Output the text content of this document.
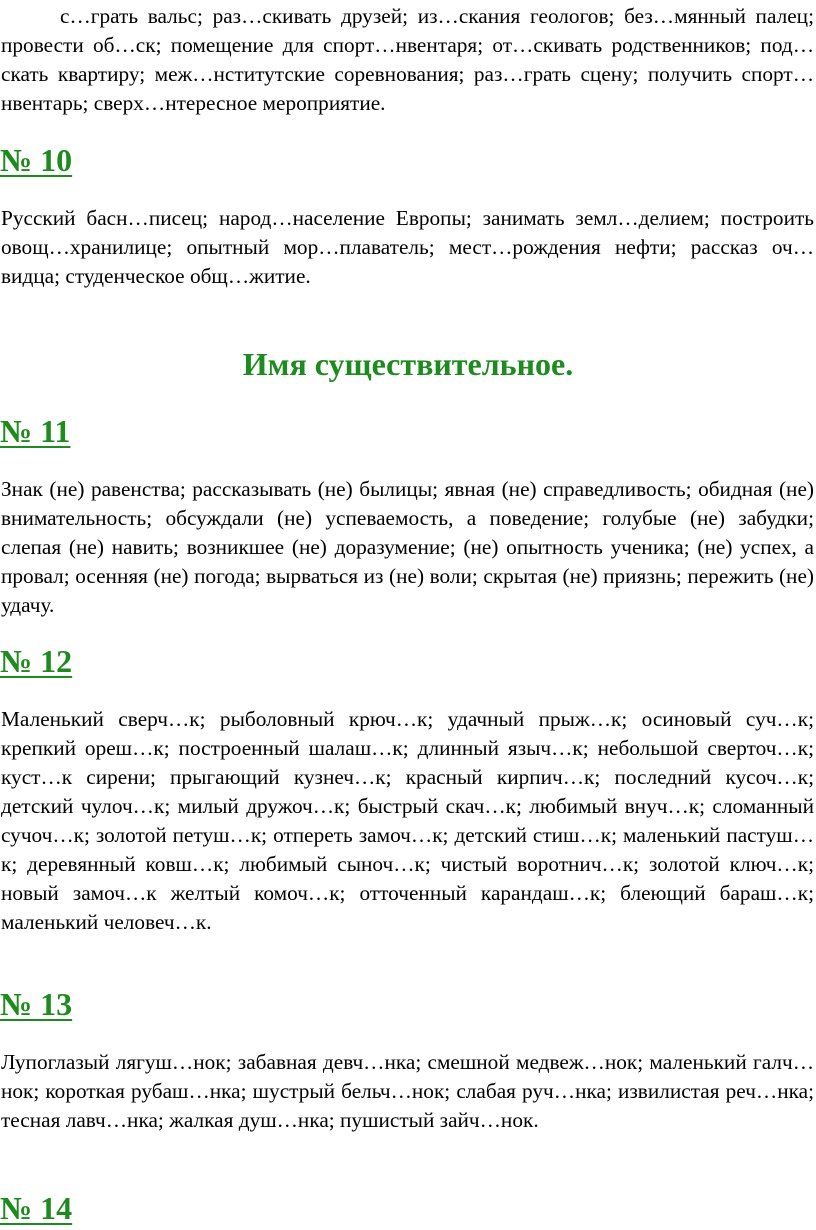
с…грать вальс; раз…скивать друзей; из…скания геологов; без…мянный палец; провести об…ск; помещение для спорт…нвентаря; от…скивать родственников; под…скать квартиру; меж…нститутские соревнования; раз…грать сцену; получить спорт…нвентарь; сверх…нтересное мероприятие.

№ 10

Русский басн…писец; народ…население Европы; занимать земл…делием; построить овощ…хранилице; опытный мор…плаватель; мест…рождения нефти; рассказ оч…видца; студенческое общ…житие.

Имя существительное.
№ 11

Знак (не) равенства; рассказывать (не) былицы; явная (не) справедливость; обидная (не) внимательность; обсуждали (не) успеваемость, а поведение; голубые (не) забудки; слепая (не) навить; возникшее (не) доразумение; (не) опытность ученика; (не) успех, а провал; осенняя (не) погода; вырваться из (не) воли; скрытая (не) приязнь; пережить (не) удачу.

№ 12

Маленький сверч…к; рыболовный крюч…к; удачный прыж…к; осиновый суч…к; крепкий ореш…к; построенный шалаш…к; длинный языч…к; небольшой сверточ…к; куст…к сирени; прыгающий кузнеч…к; красный кирпич…к; последний кусоч…к; детский чулоч…к; милый дружоч…к; быстрый скач…к; любимый внуч…к; сломанный сучоч…к; золотой петуш…к; отпереть замоч…к; детский стиш…к; маленький пастуш…к; деревянный ковш…к; любимый сыноч…к; чистый воротнич…к; золотой ключ…к; новый замоч…к желтый комоч…к; отточенный карандаш…к; блеющий бараш…к; маленький человеч…к.

№ 13

Лупоглазый лягуш…нок; забавная девч…нка; смешной медвеж…нок; маленький галч…нок; короткая рубаш…нка; шустрый бельч…нок; слабая руч…нка; извилистая реч…нка; тесная лавч…нка; жалкая душ…нка; пушистый зайч…нок.

№ 14
